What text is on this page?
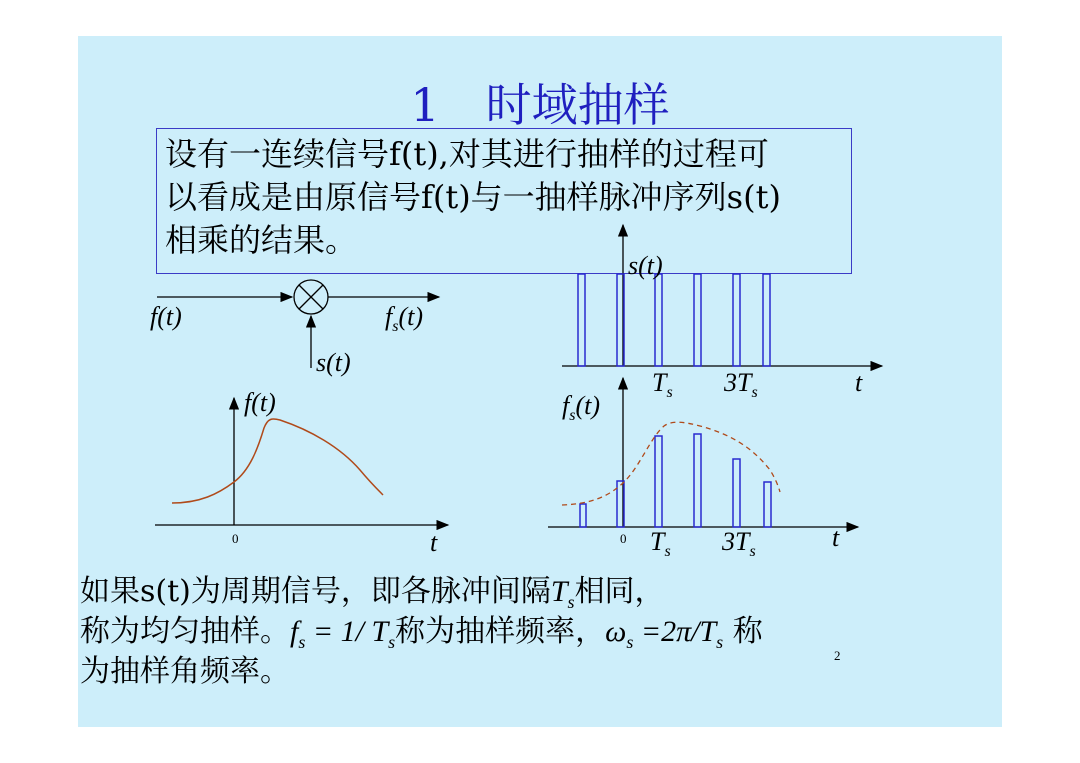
1　时域抽样
设有一连续信号f(t),对其进行抽样的过程可
以看成是由原信号f(t)与一抽样脉冲序列s(t)
相乘的结果。
f(t)	$f_s(t)$
s(t)
f(t)
t
0
s(t)
$T_s$ $3T_s$	t
$f_s(t)$
0 $T_s$ $3T_s$	t
如果s(t)为周期信号，即各脉冲间隔$T_s$相同，
称为均匀抽样。$f_s = 1/$ $T_s$称为抽样频率，$\omega_s =2\pi/T_s$ 称
为抽样角频率。	2
